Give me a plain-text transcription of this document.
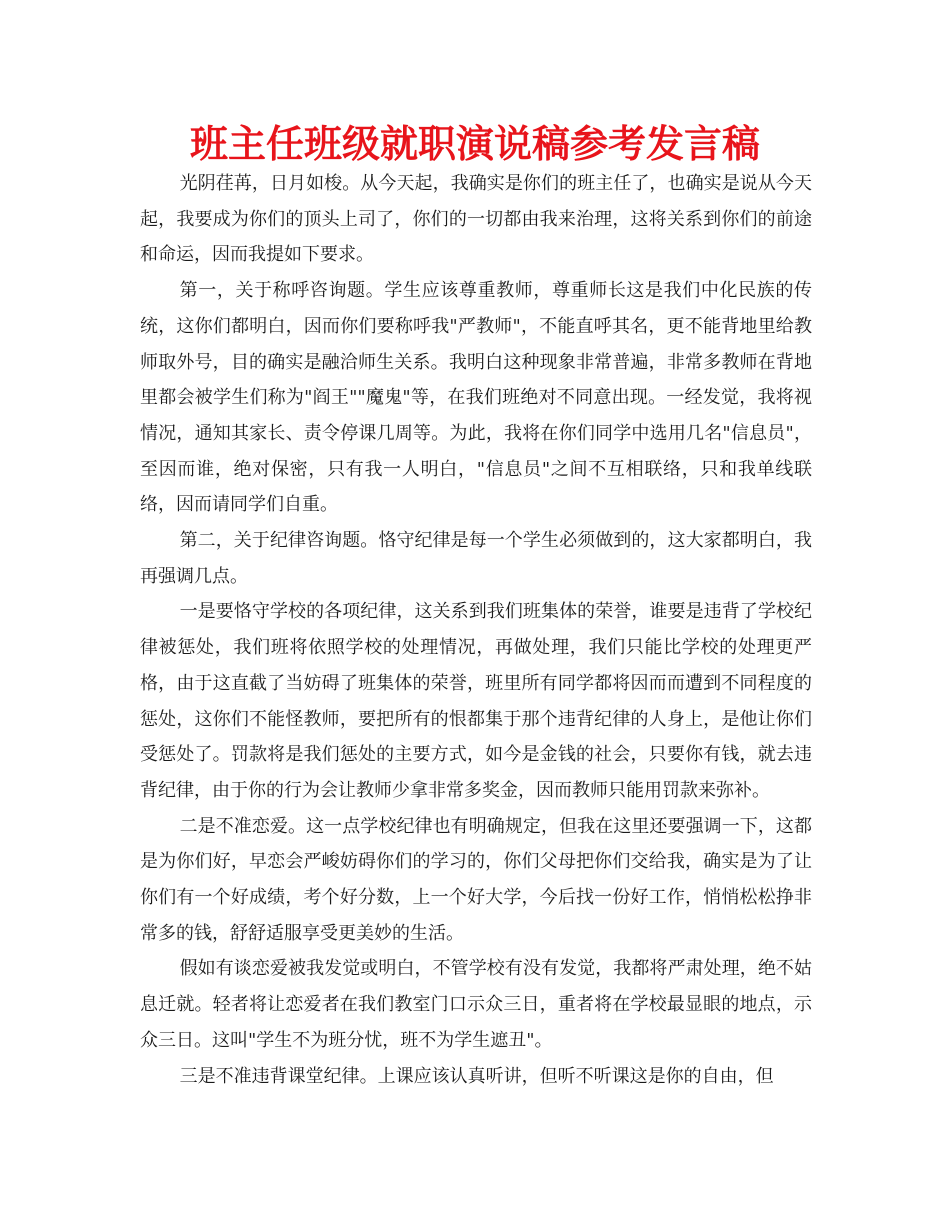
班主任班级就职演说稿参考发言稿

光阴荏苒，日月如梭。从今天起，我确实是你们的班主任了，也确实是说从今天起，我要成为你们的顶头上司了，你们的一切都由我来治理，这将关系到你们的前途和命运，因而我提如下要求。

第一，关于称呼咨询题。学生应该尊重教师，尊重师长这是我们中化民族的传统，这你们都明白，因而你们要称呼我"严教师"，不能直呼其名，更不能背地里给教师取外号，目的确实是融洽师生关系。我明白这种现象非常普遍，非常多教师在背地里都会被学生们称为"阎王""魔鬼"等，在我们班绝对不同意出现。一经发觉，我将视情况，通知其家长、责令停课几周等。为此，我将在你们同学中选用几名"信息员"，至因而谁，绝对保密，只有我一人明白，"信息员"之间不互相联络，只和我单线联络，因而请同学们自重。

第二，关于纪律咨询题。恪守纪律是每一个学生必须做到的，这大家都明白，我再强调几点。

一是要恪守学校的各项纪律，这关系到我们班集体的荣誉，谁要是违背了学校纪律被惩处，我们班将依照学校的处理情况，再做处理，我们只能比学校的处理更严格，由于这直截了当妨碍了班集体的荣誉，班里所有同学都将因而而遭到不同程度的惩处，这你们不能怪教师，要把所有的恨都集于那个违背纪律的人身上，是他让你们受惩处了。罚款将是我们惩处的主要方式，如今是金钱的社会，只要你有钱，就去违背纪律，由于你的行为会让教师少拿非常多奖金，因而教师只能用罚款来弥补。

二是不准恋爱。这一点学校纪律也有明确规定，但我在这里还要强调一下，这都是为你们好，早恋会严峻妨碍你们的学习的，你们父母把你们交给我，确实是为了让你们有一个好成绩，考个好分数，上一个好大学，今后找一份好工作，悄悄松松挣非常多的钱，舒舒适服享受更美妙的生活。

假如有谈恋爱被我发觉或明白，不管学校有没有发觉，我都将严肃处理，绝不姑息迁就。轻者将让恋爱者在我们教室门口示众三日，重者将在学校最显眼的地点，示众三日。这叫"学生不为班分忧，班不为学生遮丑"。

三是不准违背课堂纪律。上课应该认真听讲，但听不听课这是你的自由，但
